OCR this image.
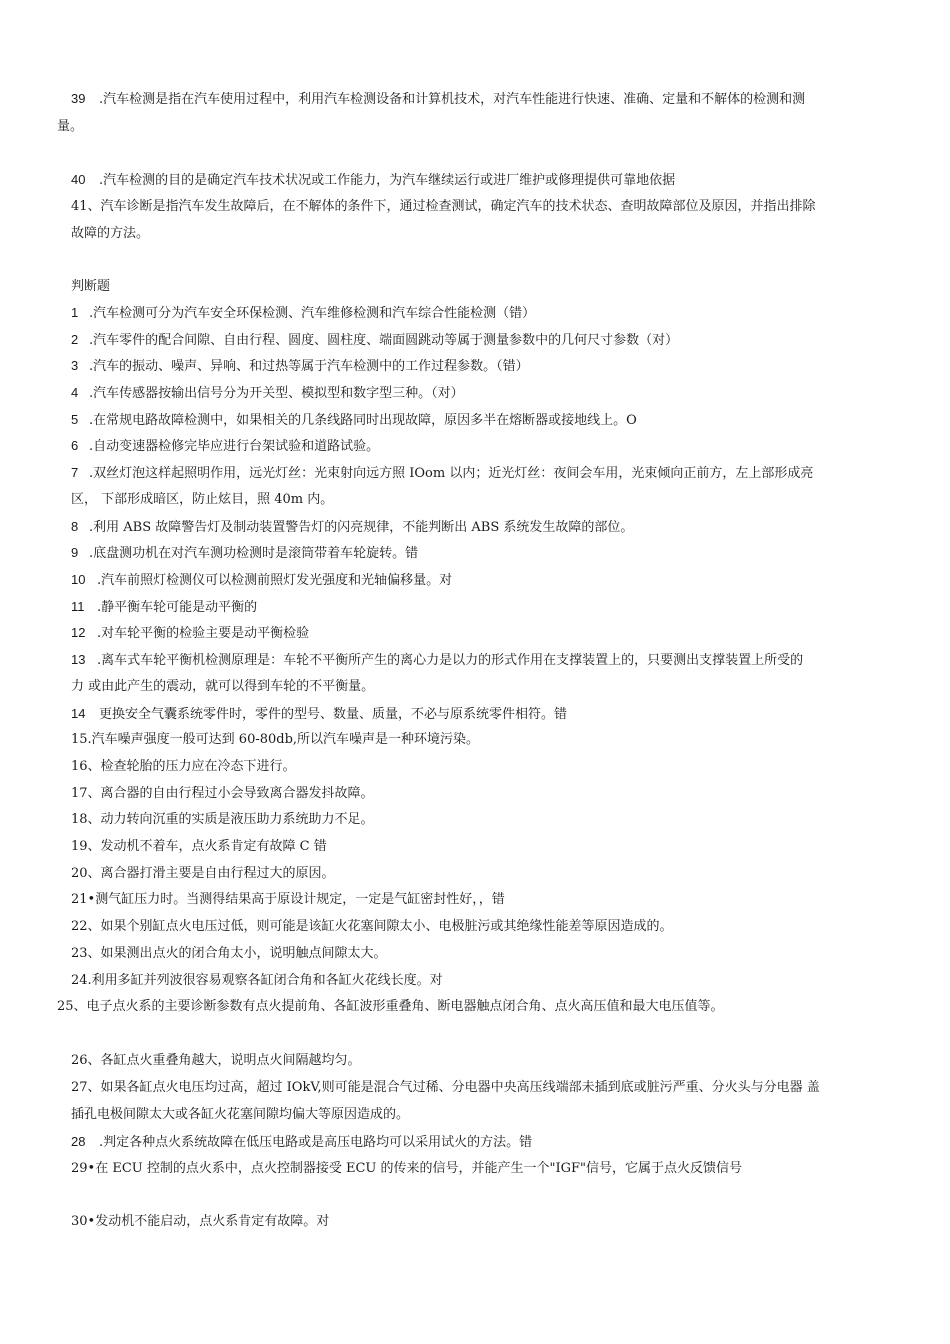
39 .汽车检测是指在汽车使用过程中，利用汽车检测设备和计算机技术，对汽车性能进行快速、准确、定量和不解体的检测和测
量。
40 .汽车检测的目的是确定汽车技术状况或工作能力，为汽车继续运行或进厂维护或修理提供可靠地依据
41、汽车诊断是指汽车发生故障后，在不解体的条件下，通过检查测试，确定汽车的技术状态、查明故障部位及原因，并指出排除
故障的方法。
判断题
1 .汽车检测可分为汽车安全环保检测、汽车维修检测和汽车综合性能检测（错）
2 .汽车零件的配合间隙、自由行程、圆度、圆柱度、端面圆跳动等属于测量参数中的几何尺寸参数（对）
3 .汽车的振动、噪声、异响、和过热等属于汽车检测中的工作过程参数。（错）
4 .汽车传感器按输出信号分为开关型、模拟型和数字型三种。（对）
5 .在常规电路故障检测中，如果相关的几条线路同时出现故障，原因多半在熔断器或接地线上。O
6 .自动变速器检修完毕应进行台架试验和道路试验。
7 .双丝灯泡这样起照明作用，远光灯丝：光束射向远方照 IOom 以内；近光灯丝：夜间会车用，光束倾向正前方，左上部形成亮
区， 下部形成暗区，防止炫目，照 40m 内。
8 .利用 ABS 故障警告灯及制动装置警告灯的闪亮规律，不能判断出 ABS 系统发生故障的部位。
9 .底盘测功机在对汽车测功检测时是滚筒带着车轮旋转。错
10 .汽车前照灯检测仪可以检测前照灯发光强度和光轴偏移量。对
11 .静平衡车轮可能是动平衡的
12 .对车轮平衡的检验主要是动平衡检验
13 .离车式车轮平衡机检测原理是：车轮不平衡所产生的离心力是以力的形式作用在支撑装置上的，只要测出支撑装置上所受的
力 或由此产生的震动，就可以得到车轮的不平衡量。
14 更换安全气囊系统零件时，零件的型号、数量、质量，不必与原系统零件相符。错
15.汽车噪声强度一般可达到 60-80db,所以汽车噪声是一种环境污染。
16、检查轮胎的压力应在冷态下进行。
17、离合器的自由行程过小会导致离合器发抖故障。
18、动力转向沉重的实质是液压助力系统助力不足。
19、发动机不着车，点火系肯定有故障 C 错
20、离合器打滑主要是自由行程过大的原因。
21•测气缸压力时。当测得结果高于原设计规定，一定是气缸密封性好，，错
22、如果个别缸点火电压过低，则可能是该缸火花塞间隙太小、电极脏污或其绝缘性能差等原因造成的。
23、如果测出点火的闭合角太小，说明触点间隙太大。
24.利用多缸并列波很容易观察各缸闭合角和各缸火花线长度。对
25、电子点火系的主要诊断参数有点火提前角、各缸波形重叠角、断电器触点闭合角、点火高压值和最大电压值等。
26、各缸点火重叠角越大，说明点火间隔越均匀。
27、如果各缸点火电压均过高，超过 IOkV,则可能是混合气过稀、分电器中央高压线端部未插到底或脏污严重、分火头与分电器 盖
插孔电极间隙太大或各缸火花塞间隙均偏大等原因造成的。
28 .判定各种点火系统故障在低压电路或是高压电路均可以采用试火的方法。错
29•在 ECU 控制的点火系中，点火控制器接受 ECU 的传来的信号，并能产生一个"IGF"信号，它属于点火反馈信号
30•发动机不能启动，点火系肯定有故障。对
